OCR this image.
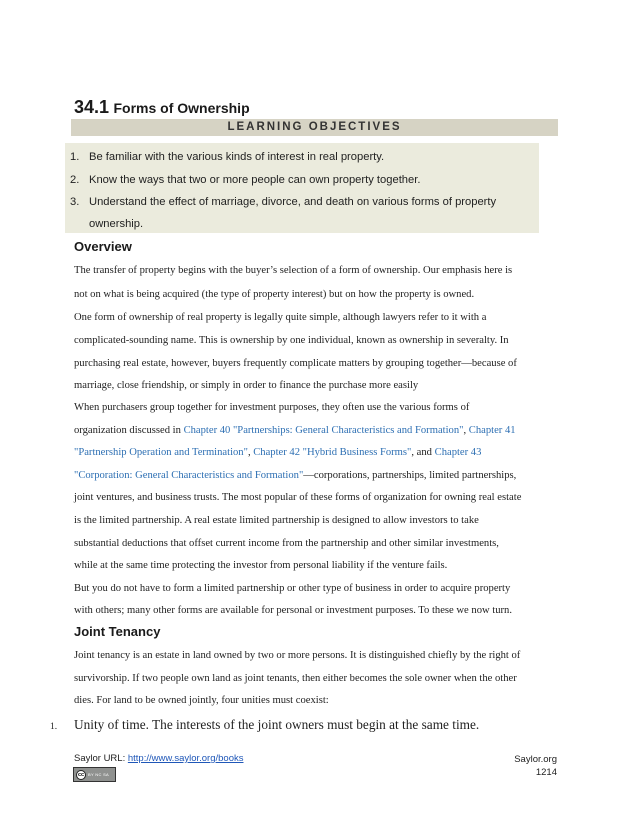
34.1 Forms of Ownership
LEARNING OBJECTIVES
1. Be familiar with the various kinds of interest in real property.
2. Know the ways that two or more people can own property together.
3. Understand the effect of marriage, divorce, and death on various forms of property
ownership.
Overview
The transfer of property begins with the buyer’s selection of a form of ownership. Our emphasis here is
not on what is being acquired (the type of property interest) but on how the property is owned.
One form of ownership of real property is legally quite simple, although lawyers refer to it with a
complicated-sounding name. This is ownership by one individual, known as ownership in severalty. In
purchasing real estate, however, buyers frequently complicate matters by grouping together—because of
marriage, close friendship, or simply in order to finance the purchase more easily
When purchasers group together for investment purposes, they often use the various forms of
organization discussed in Chapter 40 "Partnerships: General Characteristics and Formation", Chapter 41
"Partnership Operation and Termination", Chapter 42 "Hybrid Business Forms", and Chapter 43
"Corporation: General Characteristics and Formation"—corporations, partnerships, limited partnerships,
joint ventures, and business trusts. The most popular of these forms of organization for owning real estate
is the limited partnership. A real estate limited partnership is designed to allow investors to take
substantial deductions that offset current income from the partnership and other similar investments,
while at the same time protecting the investor from personal liability if the venture fails.
But you do not have to form a limited partnership or other type of business in order to acquire property
with others; many other forms are available for personal or investment purposes. To these we now turn.
Joint Tenancy
Joint tenancy is an estate in land owned by two or more persons. It is distinguished chiefly by the right of
survivorship. If two people own land as joint tenants, then either becomes the sole owner when the other
dies. For land to be owned jointly, four unities must coexist:
1. Unity of time. The interests of the joint owners must begin at the same time.
Saylor URL: http://www.saylor.org/books
cc BY NC SA
Saylor.org
1214
